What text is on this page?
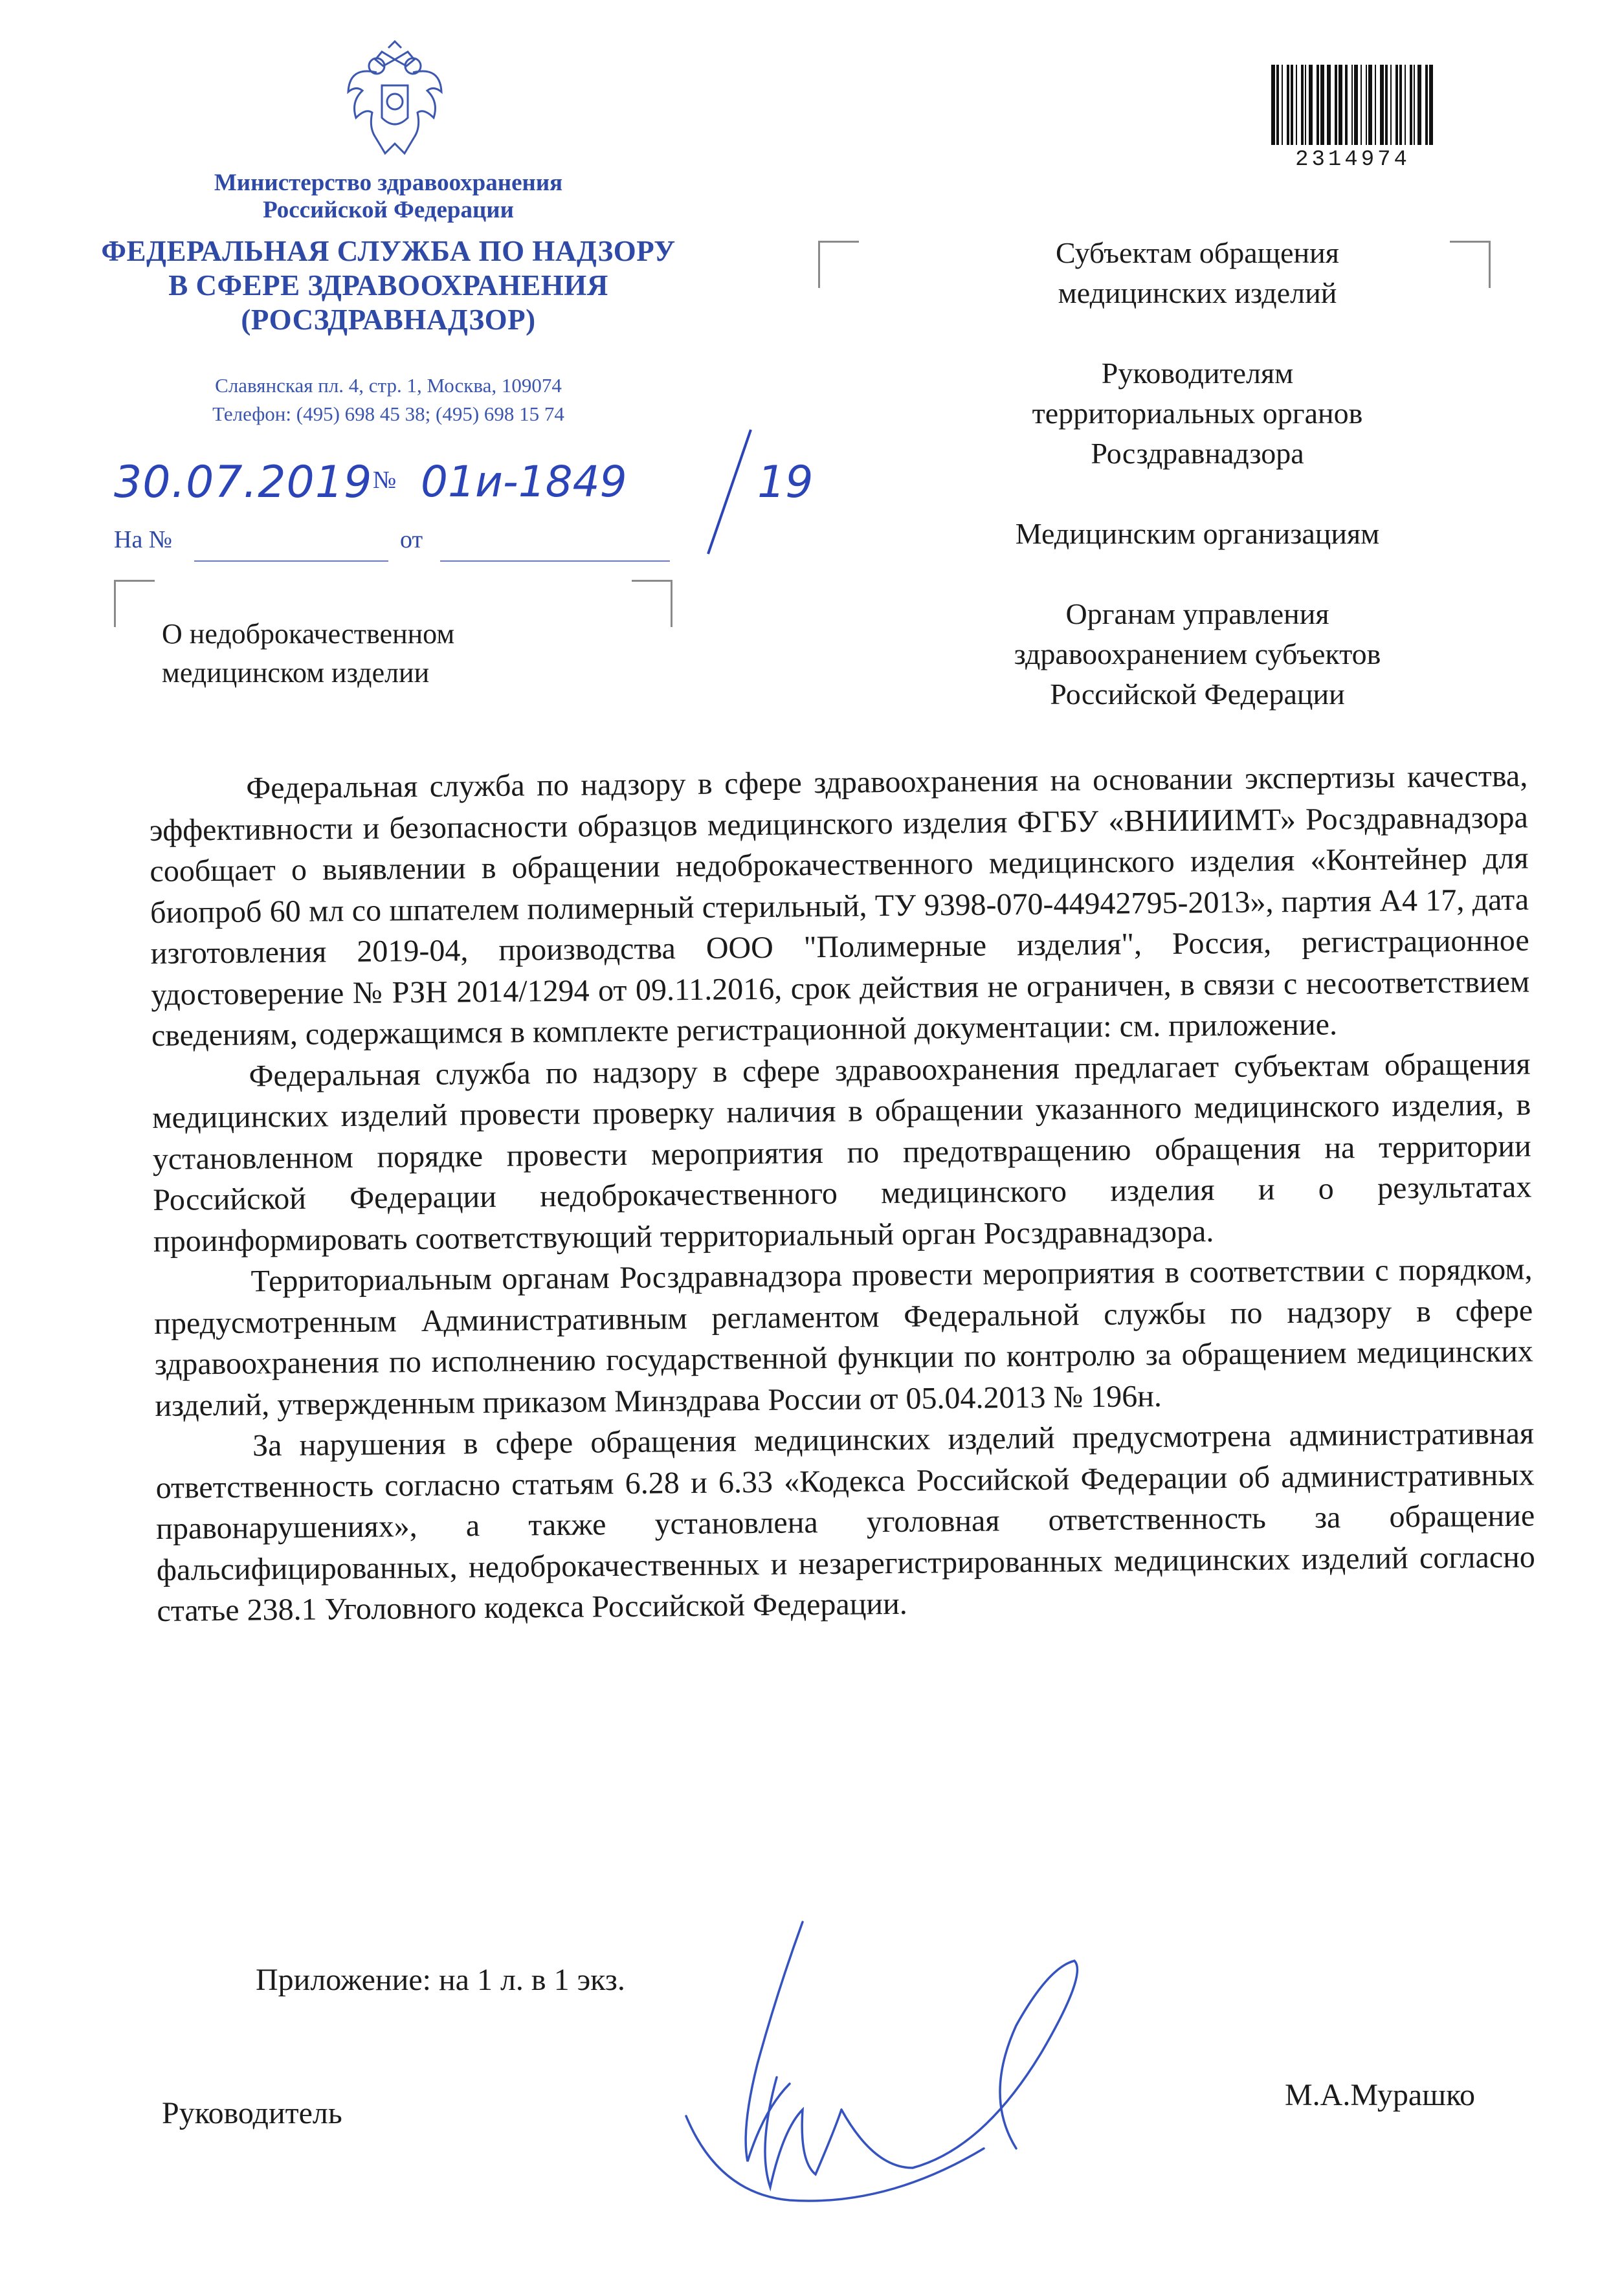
Министерство здравоохранения
Российской Федерации
ФЕДЕРАЛЬНАЯ СЛУЖБА ПО НАДЗОРУ
В СФЕРЕ ЗДРАВООХРАНЕНИЯ
(РОСЗДРАВНАДЗОР)
Славянская пл. 4, стр. 1, Москва, 109074
Телефон: (495) 698 45 38; (495) 698 15 74
30.07.2019 № 01и-1849	19
На №	от
О недоброкачественном
медицинском изделии
Субъектам обращения
медицинских изделий
Руководителям
территориальных органов
Росздравнадзора
Медицинским организациям
Органам управления
здравоохранением субъектов
Российской Федерации
2314974

Федеральная служба по надзору в сфере здравоохранения на основании экспертизы качества, эффективности и безопасности образцов медицинского изделия ФГБУ «ВНИИИМТ» Росздравнадзора сообщает о выявлении в обращении недоброкачественного медицинского изделия «Контейнер для биопроб 60 мл со шпателем полимерный стерильный, ТУ 9398-070-44942795-2013», партия А4 17, дата изготовления 2019-04, производства ООО "Полимерные изделия", Россия, регистрационное удостоверение № РЗН 2014/1294 от 09.11.2016, срок действия не ограничен, в связи с несоответствием сведениям, содержащимся в комплекте регистрационной документации: см. приложение.

Федеральная служба по надзору в сфере здравоохранения предлагает субъектам обращения медицинских изделий провести проверку наличия в обращении указанного медицинского изделия, в установленном порядке провести мероприятия по предотвращению обращения на территории Российской Федерации недоброкачественного медицинского изделия и о результатах проинформировать соответствующий территориальный орган Росздравнадзора.

Территориальным органам Росздравнадзора провести мероприятия в соответствии с порядком, предусмотренным Административным регламентом Федеральной службы по надзору в сфере здравоохранения по исполнению государственной функции по контролю за обращением медицинских изделий, утвержденным приказом Минздрава России от 05.04.2013 № 196н.

За нарушения в сфере обращения медицинских изделий предусмотрена административная ответственность согласно статьям 6.28 и 6.33 «Кодекса Российской Федерации об административных правонарушениях», а также установлена уголовная ответственность за обращение фальсифицированных, недоброкачественных и незарегистрированных медицинских изделий согласно статье 238.1 Уголовного кодекса Российской Федерации.

Приложение: на 1 л. в 1 экз.
Руководитель
М.А.Мурашко
